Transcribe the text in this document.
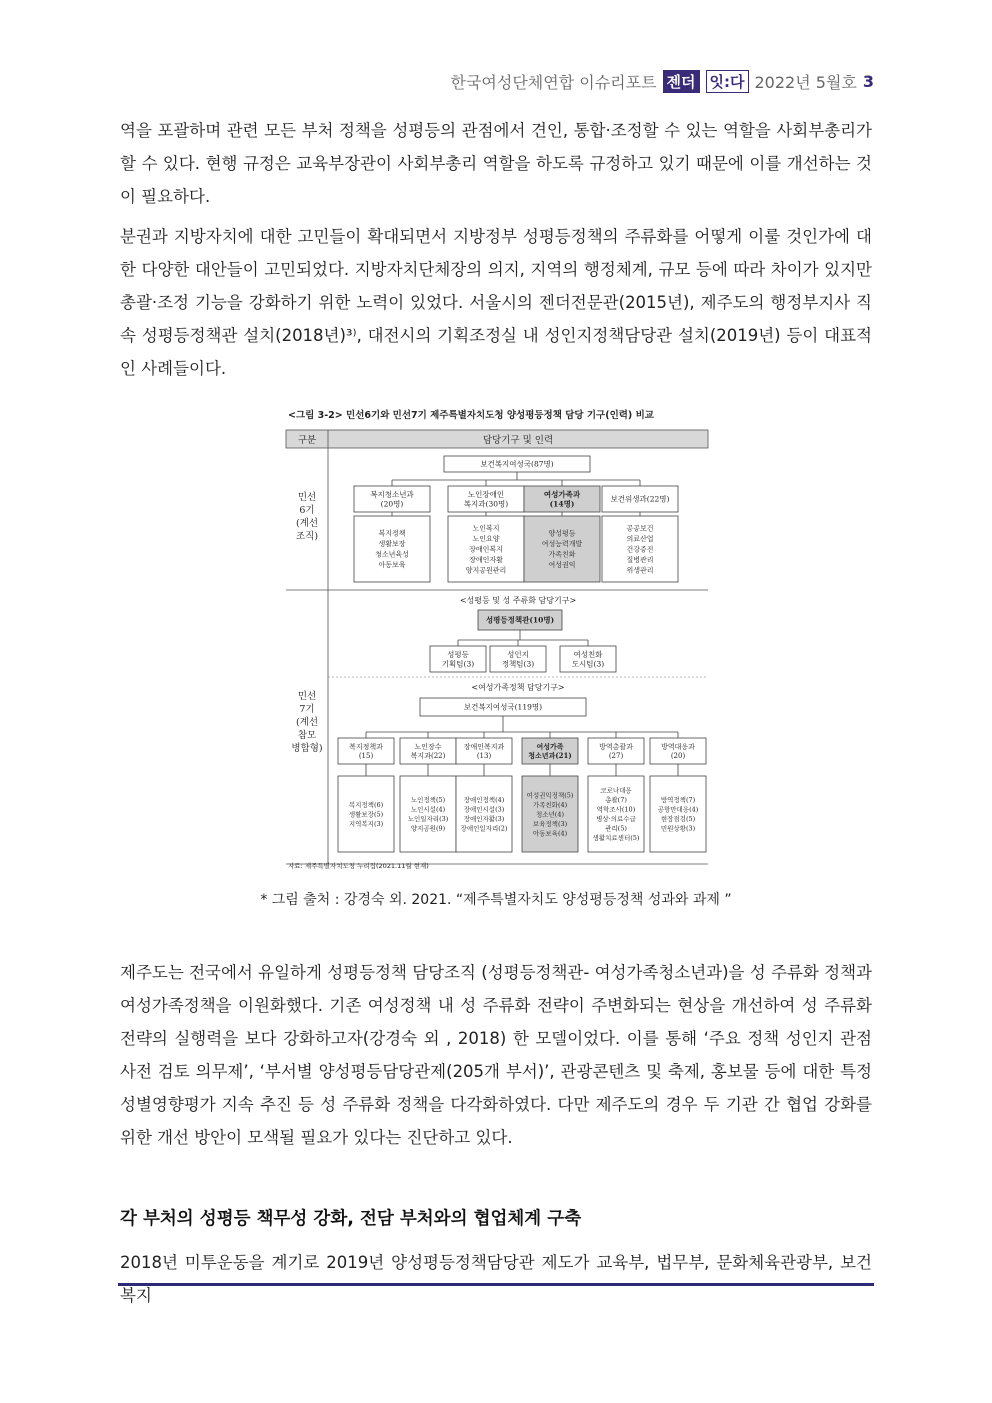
한국여성단체연합 이슈리포트 젠더 잇:다 2022년 5월호 3

역을 포괄하며 관련 모든 부처 정책을 성평등의 관점에서 견인, 통합·조정할 수 있는 역할을 사회부총리가 할 수 있다. 현행 규정은 교육부장관이 사회부총리 역할을 하도록 규정하고 있기 때문에 이를 개선하는 것이 필요하다.

분권과 지방자치에 대한 고민들이 확대되면서 지방정부 성평등정책의 주류화를 어떻게 이룰 것인가에 대한 다양한 대안들이 고민되었다. 지방자치단체장의 의지, 지역의 행정체계, 규모 등에 따라 차이가 있지만 총괄·조정 기능을 강화하기 위한 노력이 있었다. 서울시의 젠더전문관(2015년), 제주도의 행정부지사 직속 성평등정책관 설치(2018년)³⁾, 대전시의 기획조정실 내 성인지정책담당관 설치(2019년) 등이 대표적인 사례들이다.

<그림 3-2> 민선6기와 민선7기 제주특별자치도청 양성평등정책 담당 기구(인력) 비교
구분	담당기구 및 인력
민선
6기
(계선
조직)
민선
7기
(계선
참모
병합형)
보건복지여성국(87명)
복지청소년과
(20명)
복지정책
생활보장
청소년육성
아동보육
노인장애인
복지과(30명)
노인복지
노인요양
장애인복지
장애인자활
양지공원관리
여성가족과
(14명)
양성평등
여성능력개발
가족친화
여성권익
보건위생과(22명)
공공보건
의료산업
건강증진
질병관리
위생관리
<성평등 및 성 주류화 담당기구>
성평등정책관(10명)
성평등
기획팀(3)
성인지
정책팀(3)
여성친화
도시팀(3)
<여성가족정책 담당기구>
보건복지여성국(119명)
복지정책과
(15)
복지정책(6)
생활보장(5)
지역복지(3)
노인장수
복지과(22)
노인정책(5)
노인시설(4)
노인일자리(3)
양지공원(9)
장애인복지과
(13)
장애인정책(4)
장애인시설(3)
장애인자활(3)
장애인일자리(2)
여성가족
청소년과(21)
여성권익정책(5)
가족친화(4)
청소년(4)
보육정책(3)
아동보육(4)
방역총괄과
(27)
코로나대응
총괄(7)
역학조사(10)
병상·의료수급
관리(5)
생활치료센터(5)
방역대응과
(20)
방역정책(7)
공항만대응(4)
현장점검(5)
민원상황(3)
자료: 제주특별자치도청 누리집(2021.11월 현재)
* 그림 출처 : 강경숙 외. 2021. “제주특별자치도 양성평등정책 성과와 과제 ”

제주도는 전국에서 유일하게 성평등정책 담당조직 (성평등정책관- 여성가족청소년과)을 성 주류화 정책과 여성가족정책을 이원화했다. 기존 여성정책 내 성 주류화 전략이 주변화되는 현상을 개선하여 성 주류화 전략의 실행력을 보다 강화하고자(강경숙 외 , 2018) 한 모델이었다. 이를 통해 ‘주요 정책 성인지 관점 사전 검토 의무제’, ‘부서별 양성평등담당관제(205개 부서)’, 관광콘텐츠 및 축제, 홍보물 등에 대한 특정성별영향평가 지속 추진 등 성 주류화 정책을 다각화하였다. 다만 제주도의 경우 두 기관 간 협업 강화를 위한 개선 방안이 모색될 필요가 있다는 진단하고 있다.

각 부처의 성평등 책무성 강화, 전담 부처와의 협업체계 구축

2018년 미투운동을 계기로 2019년 양성평등정책담당관 제도가 교육부, 법무부, 문화체육관광부, 보건복지
